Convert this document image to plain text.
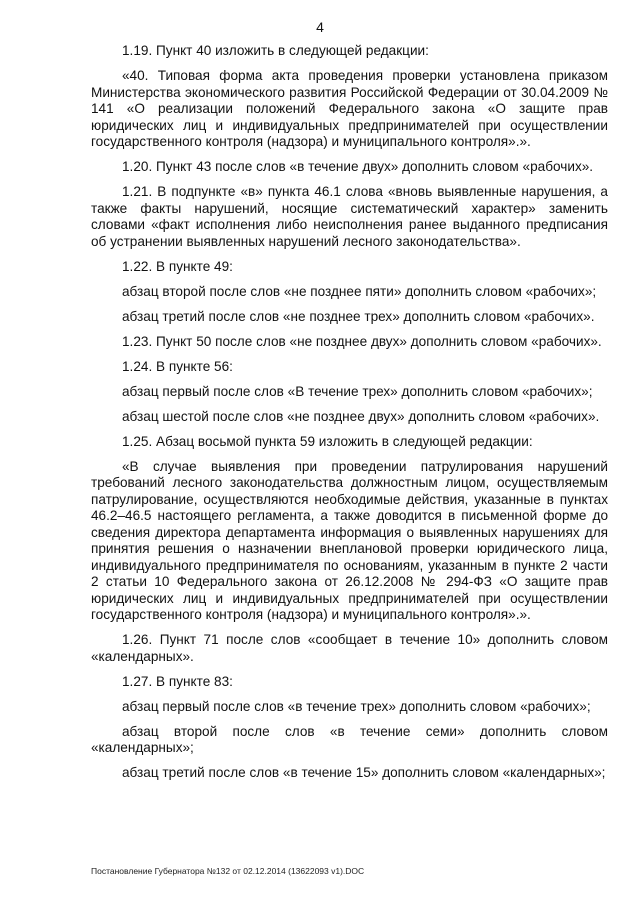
4

1.19. Пункт 40 изложить в следующей редакции:

«40. Типовая форма акта проведения проверки установлена приказом Министерства экономического развития Российской Федерации от 30.04.2009 № 141 «О реализации положений Федерального закона «О защите прав юридических лиц и индивидуальных предпринимателей при осуществлении государственного контроля (надзора) и муниципального контроля».».

1.20. Пункт 43 после слов «в течение двух» дополнить словом «рабочих».

1.21. В подпункте «в» пункта 46.1 слова «вновь выявленные нарушения, а также факты нарушений, носящие систематический характер» заменить словами «факт исполнения либо неисполнения ранее выданного предписания об устранении выявленных нарушений лесного законодательства».

1.22. В пункте 49:

абзац второй после слов «не позднее пяти» дополнить словом «рабочих»;

абзац третий после слов «не позднее трех» дополнить словом «рабочих».

1.23. Пункт 50 после слов «не позднее двух» дополнить словом «рабочих».

1.24. В пункте 56:

абзац первый после слов «В течение трех» дополнить словом «рабочих»;

абзац шестой после слов «не позднее двух» дополнить словом «рабочих».

1.25. Абзац восьмой пункта 59 изложить в следующей редакции:

«В случае выявления при проведении патрулирования нарушений требований лесного законодательства должностным лицом, осуществляемым патрулирование, осуществляются необходимые действия, указанные в пунктах 46.2–46.5 настоящего регламента, а также доводится в письменной форме до сведения директора департамента информация о выявленных нарушениях для принятия решения о назначении внеплановой проверки юридического лица, индивидуального предпринимателя по основаниям, указанным в пункте 2 части 2 статьи 10 Федерального закона от 26.12.2008 № 294-ФЗ «О защите прав юридических лиц и индивидуальных предпринимателей при осуществлении государственного контроля (надзора) и муниципального контроля».».

1.26. Пункт 71 после слов «сообщает в течение 10» дополнить словом «календарных».

1.27. В пункте 83:

абзац первый после слов «в течение трех» дополнить словом «рабочих»;

абзац второй после слов «в течение семи» дополнить словом «календарных»;

абзац третий после слов «в течение 15» дополнить словом «календарных»;

Постановление Губернатора №132 от 02.12.2014 (13622093 v1).DOC
